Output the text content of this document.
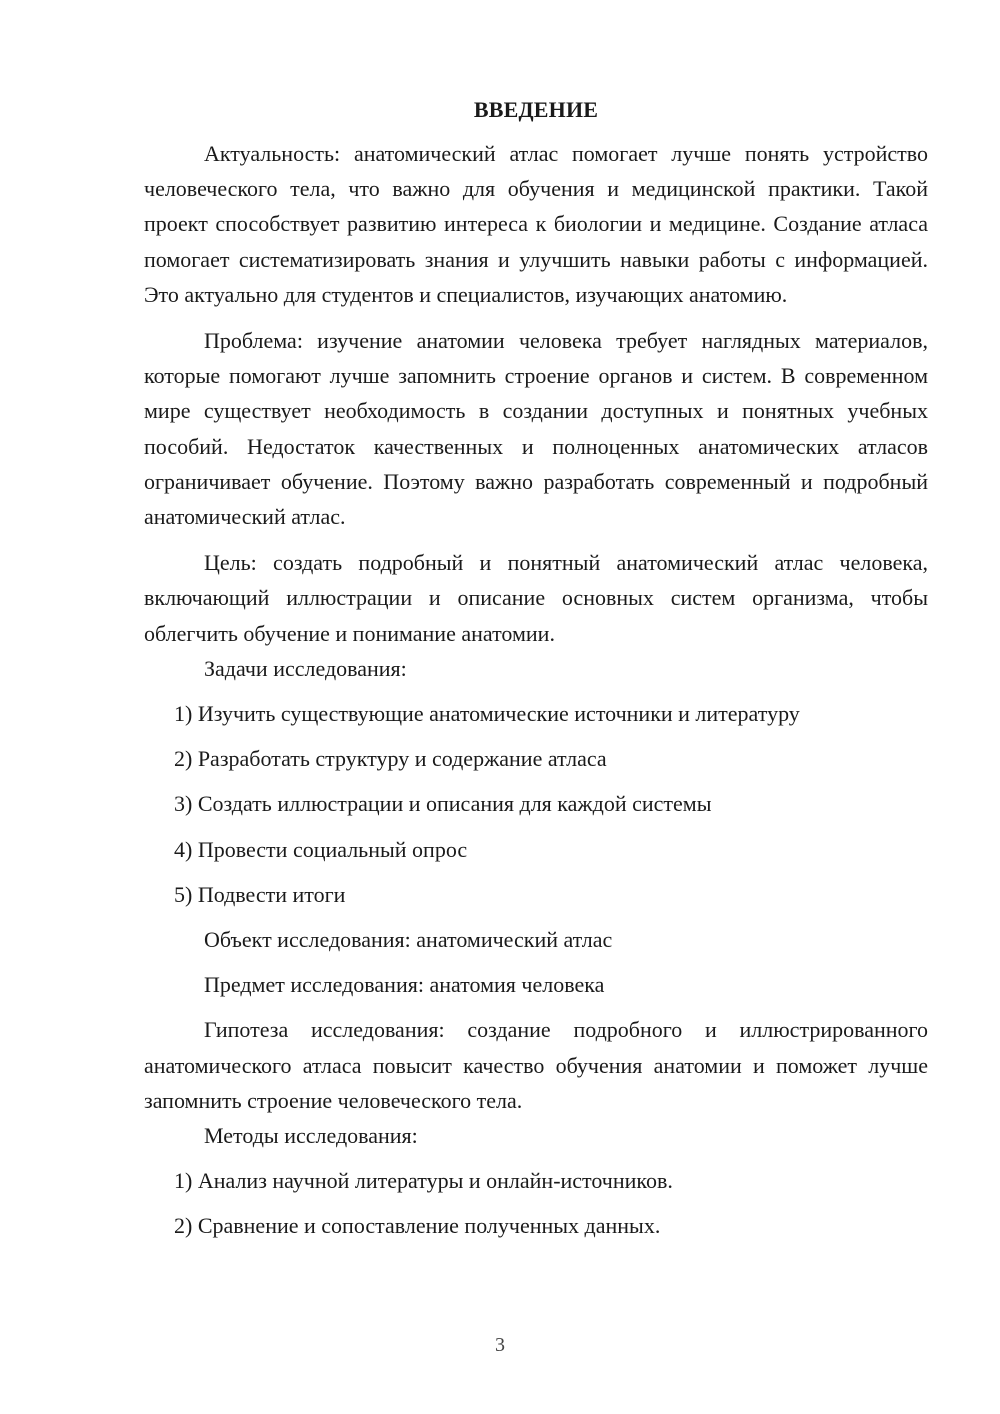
ВВЕДЕНИЕ

Актуальность: анатомический атлас помогает лучше понять устройство человеческого тела, что важно для обучения и медицинской практики. Такой проект способствует развитию интереса к биологии и медицине. Создание атласа помогает систематизировать знания и улучшить навыки работы с информацией. Это актуально для студентов и специалистов, изучающих анатомию.

Проблема: изучение анатомии человека требует наглядных материалов, которые помогают лучше запомнить строение органов и систем. В современном мире существует необходимость в создании доступных и понятных учебных пособий. Недостаток качественных и полноценных анатомических атласов ограничивает обучение. Поэтому важно разработать современный и подробный анатомический атлас.

Цель: создать подробный и понятный анатомический атлас человека, включающий иллюстрации и описание основных систем организма, чтобы облегчить обучение и понимание анатомии.

Задачи исследования:

1) Изучить существующие анатомические источники и литературу

2) Разработать структуру и содержание атласа

3) Создать иллюстрации и описания для каждой системы

4) Провести социальный опрос

5) Подвести итоги

Объект исследования: анатомический атлас

Предмет исследования: анатомия человека

Гипотеза исследования: создание подробного и иллюстрированного анатомического атласа повысит качество обучения анатомии и поможет лучше запомнить строение человеческого тела.

Методы исследования:

1) Анализ научной литературы и онлайн-источников.

2) Сравнение и сопоставление полученных данных.

3
